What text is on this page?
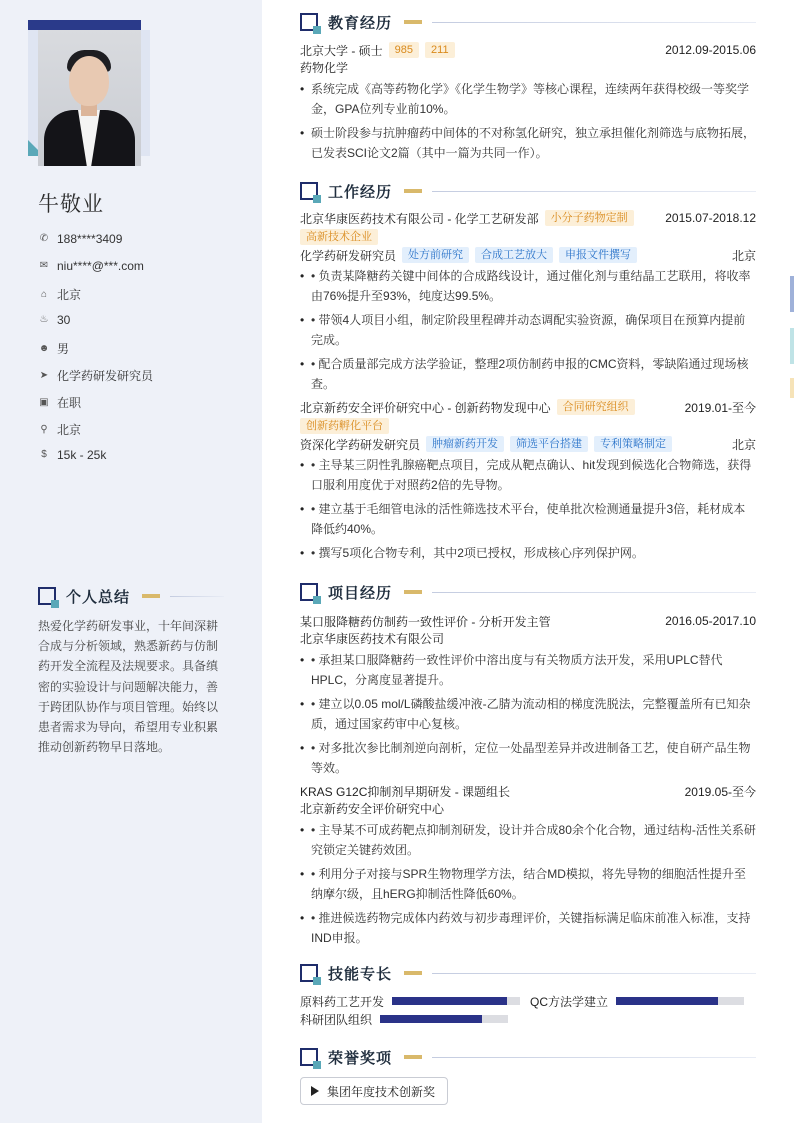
牛敬业
✆ 188****3409
✉ niu****@***.com
⌂ 北京
♨ 30
☻ 男
➤ 化学药研发研究员
▣ 在职
⚲ 北京
$ 15k - 25k
个人总结
热爱化学药研发事业，十年间深耕合成与分析领域，熟悉新药与仿制药开发全流程及法规要求。具备缜密的实验设计与问题解决能力，善于跨团队协作与项目管理。始终以患者需求为导向，希望用专业积累推动创新药物早日落地。
教育经历
北京大学 - 硕士	985	211	2012.09-2015.06
药物化学
• 系统完成《高等药物化学》《化学生物学》等核心课程，连续两年获得校级一等奖学金，GPA位列专业前10%。
• 硕士阶段参与抗肿瘤药中间体的不对称氢化研究，独立承担催化剂筛选与底物拓展，已发表SCI论文2篇（其中一篇为共同一作）。
工作经历
北京华康医药技术有限公司 - 化学工艺研发部	小分子药物定制	2015.07-2018.12
高新技术企业
化学药研发研究员	处方前研究	合成工艺放大	申报文件撰写	北京
• • 负责某降糖药关键中间体的合成路线设计，通过催化剂与重结晶工艺联用，将收率由76%提升至93%，纯度达99.5%。
• • 带领4人项目小组，制定阶段里程碑并动态调配实验资源，确保项目在预算内提前完成。
• • 配合质量部完成方法学验证，整理2项仿制药申报的CMC资料，零缺陷通过现场核查。
北京新药安全评价研究中心 - 创新药物发现中心	合同研究组织	2019.01-至今
创新药孵化平台
资深化学药研发研究员	肿瘤新药开发	筛选平台搭建	专利策略制定	北京
• • 主导某三阴性乳腺癌靶点项目，完成从靶点确认、hit发现到候选化合物筛选，获得口服利用度优于对照药2倍的先导物。
• • 建立基于毛细管电泳的活性筛选技术平台，使单批次检测通量提升3倍，耗材成本降低约40%。
• • 撰写5项化合物专利，其中2项已授权，形成核心序列保护网。
项目经历
某口服降糖药仿制药一致性评价 - 分析开发主管	2016.05-2017.10
北京华康医药技术有限公司
• • 承担某口服降糖药一致性评价中溶出度与有关物质方法开发，采用UPLC替代HPLC，分离度显著提升。
• • 建立以0.05 mol/L磷酸盐缓冲液-乙腈为流动相的梯度洗脱法，完整覆盖所有已知杂质，通过国家药审中心复核。
• • 对多批次参比制剂逆向剖析，定位一处晶型差异并改进制备工艺，使自研产品生物等效。
KRAS G12C抑制剂早期研发 - 课题组长	2019.05-至今
北京新药安全评价研究中心
• • 主导某不可成药靶点抑制剂研发，设计并合成80余个化合物，通过结构-活性关系研究锁定关键药效团。
• • 利用分子对接与SPR生物物理学方法，结合MD模拟，将先导物的细胞活性提升至纳摩尔级，且hERG抑制活性降低60%。
• • 推进候选药物完成体内药效与初步毒理评价，关键指标满足临床前准入标准，支持IND申报。
技能专长
原料药工艺开发	QC方法学建立
科研团队组织
荣誉奖项
集团年度技术创新奖
